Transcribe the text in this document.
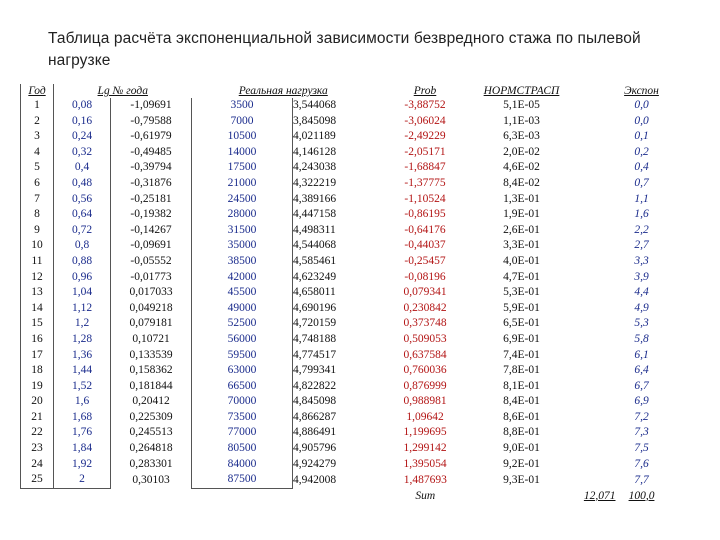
Таблица расчёта экспоненциальной зависимости безвредного стажа по пылевой нагрузке
Год	Lg № года		Реальная нагрузка		Prob	НОРМСТРАСП		Экспон
1	0,08	-1,09691	3500	3,544068	-3,88752	5,1E-05		0,0
2	0,16	-0,79588	7000	3,845098	-3,06024	1,1E-03		0,0
3	0,24	-0,61979	10500	4,021189	-2,49229	6,3E-03		0,1
4	0,32	-0,49485	14000	4,146128	-2,05171	2,0E-02		0,2
5	0,4	-0,39794	17500	4,243038	-1,68847	4,6E-02		0,4
6	0,48	-0,31876	21000	4,322219	-1,37775	8,4E-02		0,7
7	0,56	-0,25181	24500	4,389166	-1,10524	1,3E-01		1,1
8	0,64	-0,19382	28000	4,447158	-0,86195	1,9E-01		1,6
9	0,72	-0,14267	31500	4,498311	-0,64176	2,6E-01		2,2
10	0,8	-0,09691	35000	4,544068	-0,44037	3,3E-01		2,7
11	0,88	-0,05552	38500	4,585461	-0,25457	4,0E-01		3,3
12	0,96	-0,01773	42000	4,623249	-0,08196	4,7E-01		3,9
13	1,04	0,017033	45500	4,658011	0,079341	5,3E-01		4,4
14	1,12	0,049218	49000	4,690196	0,230842	5,9E-01		4,9
15	1,2	0,079181	52500	4,720159	0,373748	6,5E-01		5,3
16	1,28	0,10721	56000	4,748188	0,509053	6,9E-01		5,8
17	1,36	0,133539	59500	4,774517	0,637584	7,4E-01		6,1
18	1,44	0,158362	63000	4,799341	0,760036	7,8E-01		6,4
19	1,52	0,181844	66500	4,822822	0,876999	8,1E-01		6,7
20	1,6	0,20412	70000	4,845098	0,988981	8,4E-01		6,9
21	1,68	0,225309	73500	4,866287	1,09642	8,6E-01		7,2
22	1,76	0,245513	77000	4,886491	1,199695	8,8E-01		7,3
23	1,84	0,264818	80500	4,905796	1,299142	9,0E-01		7,5
24	1,92	0,283301	84000	4,924279	1,395054	9,2E-01		7,6
25	2	0,30103	87500	4,942008	1,487693	9,3E-01		7,7
					Sum		12,071	100,0
